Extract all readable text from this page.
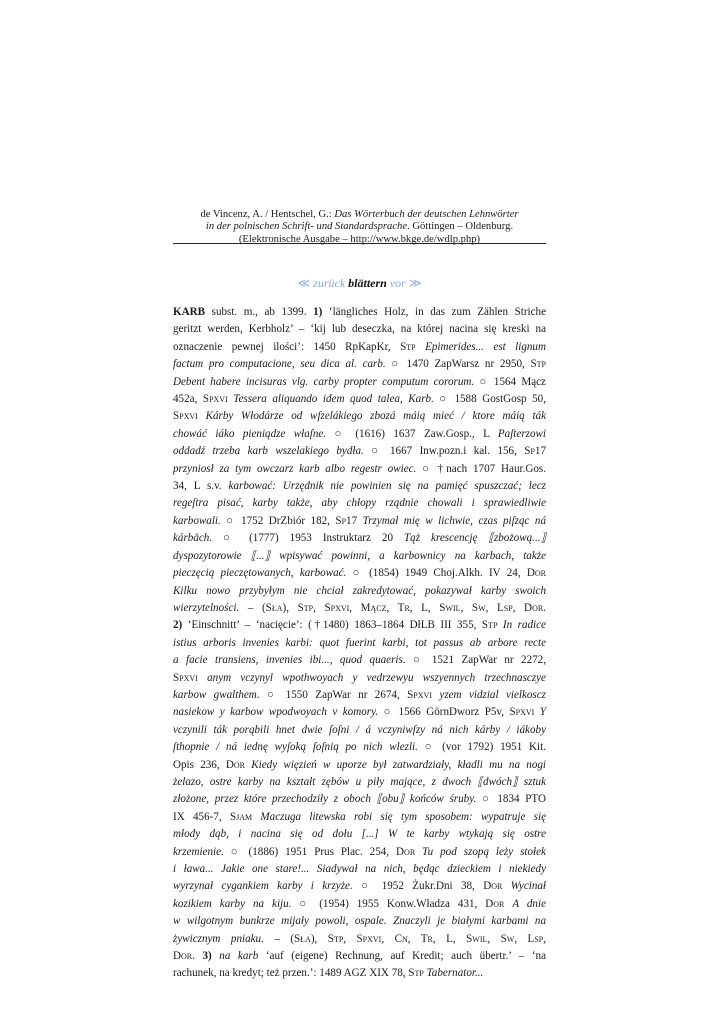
de Vincenz, A. / Hentschel, G.: Das Wörterbuch der deutschen Lehnwörter
in der polnischen Schrift- und Standardsprache. Göttingen – Oldenburg.
(Elektronische Ausgabe – http://www.bkge.de/wdlp.php)
≪ zurück blättern vor ≫
KARB subst. m., ab 1399. 1) ‘längliches Holz, in das zum Zählen Striche
geritzt werden, Kerbholz’ – ‘kij lub deseczka, na której nacina się kreski na
oznaczenie pewnej ilości’: 1450 RpKapKr, Stp Epimerides... est lignum
factum pro computacione, seu dica al. carb. ○ 1470 ZapWarsz nr 2950, Stp
Debent habere incisuras vlg. carby propter computum cororum. ○ 1564 Mącz
452a, Spxvi Tessera aliquando idem quod talea, Karb. ○ 1588 GostGosp 50,
Spxvi Kárby Włodárze od wſzelákiego zbozá máią mieć / ktore máią ták
chowáć iáko pieniądze właſne. ○ (1616) 1637 Zaw.Gosp., L Paſterzowi
oddadź trzeba karb wszelakiego bydła. ○ 1667 Inw.pozn.i kal. 156, Sp17
przyniosł za tym owczarz karb albo regestr owiec. ○ †nach 1707 Haur.Gos.
34, L s.v. karbować: Urzędnik nie powinien się na pamięć spuszczać; lecz
regeſtra pisać, karby także, aby chłopy rządnie chowali i sprawiedliwie
karbowali. ○ 1752 DrZbiór 182, Sp17 Trzymał mię w lichwie, czas piſząc ná
kárbäch. ○ (1777) 1953 Instruktarz 20 Tąż krescencję ⟦zbożową...⟧
dyspozytorowie ⟦...⟧ wpisywać powinni, a karbownicy na karbach, także
pieczęcią pieczętowanych, karbować. ○ (1854) 1949 Choj.Alkh. IV 24, Dor
Kilku nowo przybyłym nie chciał zakredytować, pokazywał karby swoich
wierzytelności. – (Sła), Stp, Spxvi, Mącz, Tr, L, Swil, Sw, Lsp, Dor.
2) ‘Einschnitt’ – ‘nacięcie’: (†1480) 1863–1864 DłLB III 355, Stp In radice
istius arboris invenies karbi: quot fuerint karbi, tot passus ab arbore recte
a facie transiens, invenies ibi..., quod quaeris. ○ 1521 ZapWar nr 2272,
Spxvi anym vczynyl wpothwoyach y vedrzewyu wszyennych trzechnasczye
karbow gwalthem. ○ 1550 ZapWar nr 2674, Spxvi yzem vidzial vielkoscz
nasiekow y karbow wpodwoyach v komory. ○ 1566 GörnDworz P5v, Spxvi Y
vczynili ták porąbili hnet dwie ſoſni / á vczyniwſzy ná nich kárby / iákoby
ſthopnie / ná iednę wyſoką ſoſnią po nich wlezli. ○ (vor 1792) 1951 Kit.
Opis 236, Dor Kiedy więzień w uporze był zatwardziały, kładli mu na nogi
żelazo, ostre karby na kształt zębów u piły mające, z dwoch ⟦dwóch⟧ sztuk
złożone, przez które przechodziły z oboch ⟦obu⟧ końców śruby. ○ 1834 PTO
IX 456-7, Sjam Maczuga litewska robi się tym sposobem: wypatruje się
młody dąb, i nacina się od dołu [...] W te karby wtykają się ostre
krzemienie. ○ (1886) 1951 Prus Plac. 254, Dor Tu pod szopą leży stołek
i ława... Jakie one stare!... Siadywał na nich, będąc dzieckiem i niekiedy
wyrzynał cygankiem karby i krzyże. ○ 1952 Żukr.Dni 38, Dor Wycinał
kozikiem karby na kiju. ○ (1954) 1955 Konw.Władza 431, Dor A dnie
w wilgotnym bunkrze mijały powoli, ospale. Znaczyli je białymi karbami na
żywicznym pniaku. – (Sła), Stp, Spxvi, Cn, Tr, L, Swil, Sw, Lsp,
Dor. 3) na karb ‘auf (eigene) Rechnung, auf Kredit; auch übertr.’ – ‘na
rachunek, na kredyt; też przen.’: 1489 AGZ XIX 78, Stp Tabernator...
